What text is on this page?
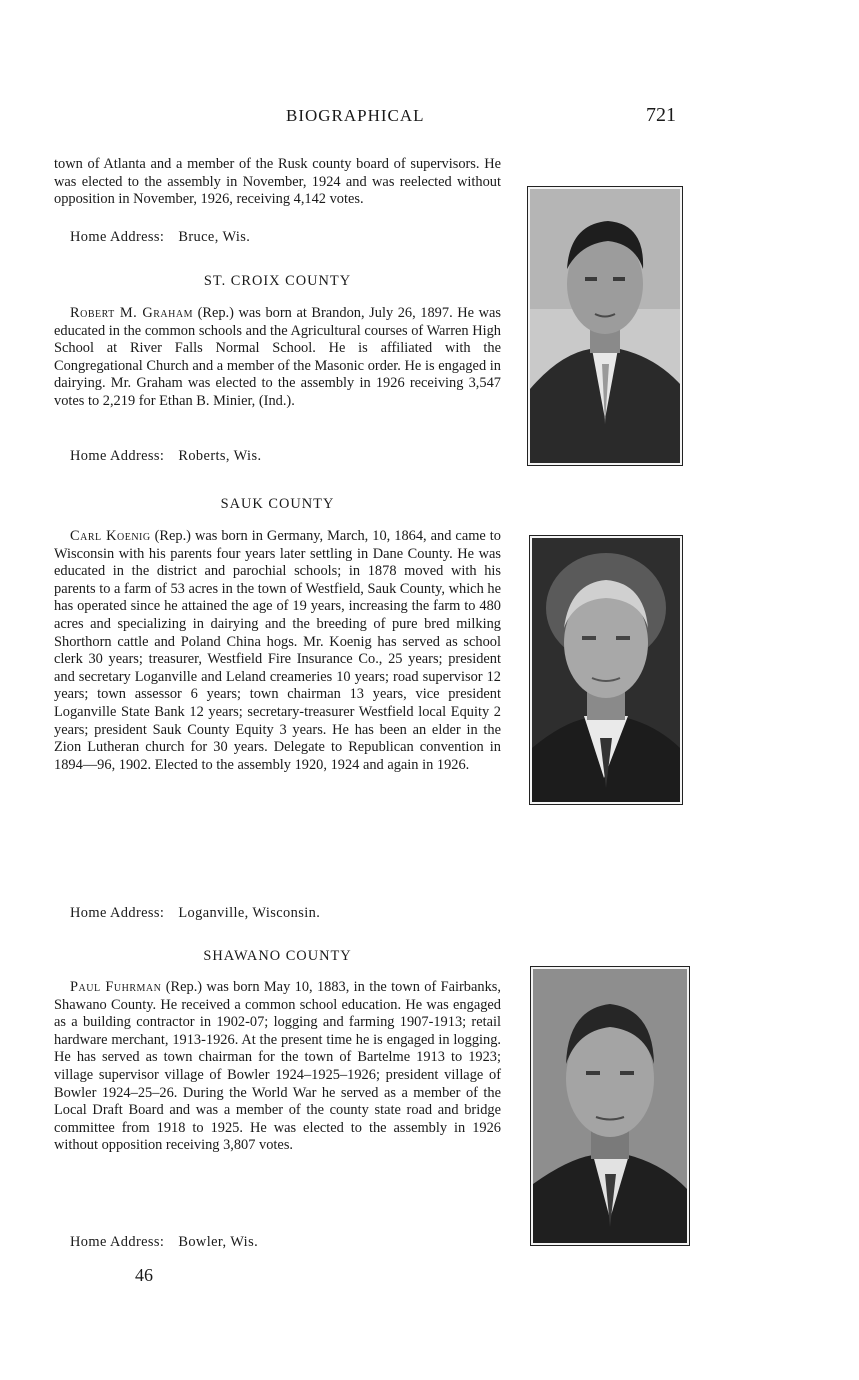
BIOGRAPHICAL	721

town of Atlanta and a member of the Rusk county board of supervisors. He was elected to the assembly in November, 1924 and was reelected without opposition in November, 1926, receiving 4,142 votes.

Home Address: Bruce, Wis.
ST. CROIX COUNTY

Robert M. Graham (Rep.) was born at Brandon, July 26, 1897. He was educated in the common schools and the Agricultural courses of Warren High School at River Falls Normal School. He is affiliated with the Congregational Church and a member of the Masonic order. He is engaged in dairying. Mr. Graham was elected to the assembly in 1926 receiving 3,547 votes to 2,219 for Ethan B. Minier, (Ind.).

Home Address: Roberts, Wis.
SAUK COUNTY

Carl Koenig (Rep.) was born in Germany, March, 10, 1864, and came to Wisconsin with his parents four years later settling in Dane County. He was educated in the district and parochial schools; in 1878 moved with his parents to a farm of 53 acres in the town of Westfield, Sauk County, which he has operated since he attained the age of 19 years, increasing the farm to 480 acres and specializing in dairying and the breeding of pure bred milking Shorthorn cattle and Poland China hogs. Mr. Koenig has served as school clerk 30 years; treasurer, Westfield Fire Insurance Co., 25 years; president and secretary Loganville and Leland creameries 10 years; road supervisor 12 years; town assessor 6 years; town chairman 13 years, vice president Loganville State Bank 12 years; secretary-treasurer Westfield local Equity 2 years; president Sauk County Equity 3 years. He has been an elder in the Zion Lutheran church for 30 years. Delegate to Republican convention in 1894—96, 1902. Elected to the assembly 1920, 1924 and again in 1926.

Home Address: Loganville, Wisconsin.
SHAWANO COUNTY

Paul Fuhrman (Rep.) was born May 10, 1883, in the town of Fairbanks, Shawano County. He received a common school education. He was engaged as a building contractor in 1902-07; logging and farming 1907-1913; retail hardware merchant, 1913-1926. At the present time he is engaged in logging. He has served as town chairman for the town of Bartelme 1913 to 1923; village supervisor village of Bowler 1924–1925–1926; president village of Bowler 1924–25–26. During the World War he served as a member of the Local Draft Board and was a member of the county state road and bridge committee from 1918 to 1925. He was elected to the assembly in 1926 without opposition receiving 3,807 votes.

Home Address: Bowler, Wis.
46
